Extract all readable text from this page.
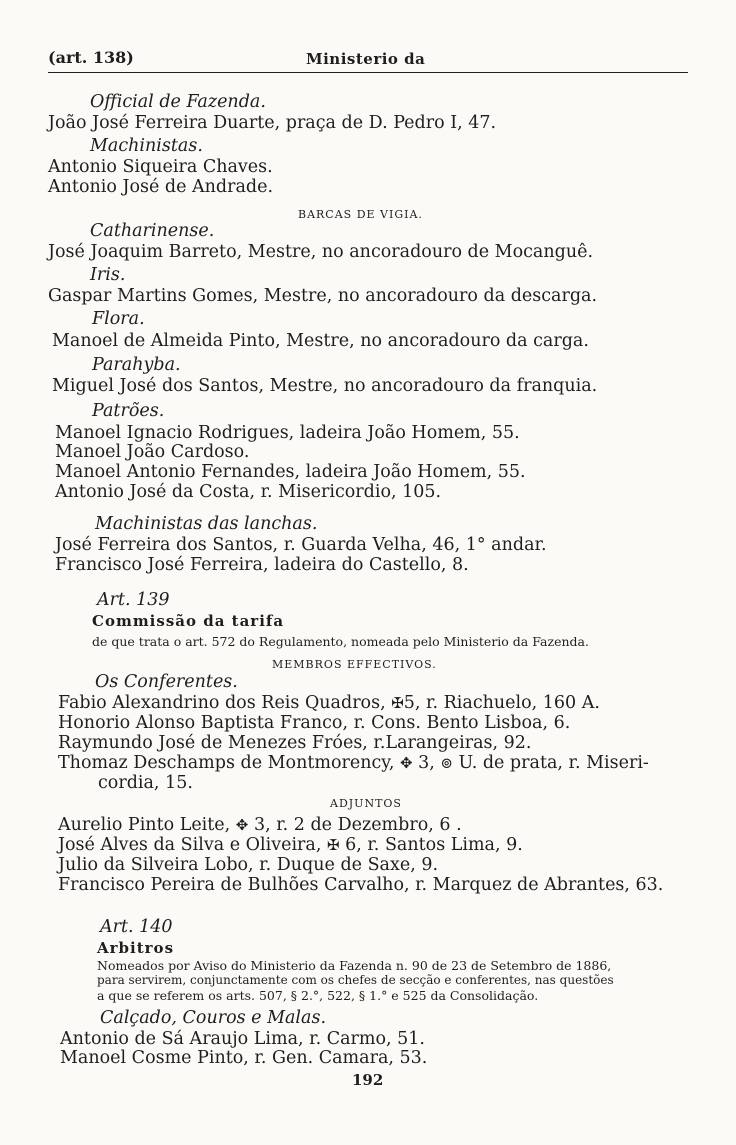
(art. 138)	Ministerio da
Official de Fazenda.
João José Ferreira Duarte, praça de D. Pedro I, 47.
Machinistas.
Antonio Siqueira Chaves.
Antonio José de Andrade.
BARCAS DE VIGIA.
Catharinense.
José Joaquim Barreto, Mestre, no ancoradouro de Mocanguê.
Iris.
Gaspar Martins Gomes, Mestre, no ancoradouro da descarga.
Flora.
Manoel de Almeida Pinto, Mestre, no ancoradouro da carga.
Parahyba.
Miguel José dos Santos, Mestre, no ancoradouro da franquia.
Patrões.
Manoel Ignacio Rodrigues, ladeira João Homem, 55.
Manoel João Cardoso.
Manoel Antonio Fernandes, ladeira João Homem, 55.
Antonio José da Costa, r. Misericordio, 105.
Machinistas das lanchas.
José Ferreira dos Santos, r. Guarda Velha, 46, 1° andar.
Francisco José Ferreira, ladeira do Castello, 8.
Art. 139
Commissão da tarifa
de que trata o art. 572 do Regulamento, nomeada pelo Ministerio da Fazenda.
MEMBROS EFFECTIVOS.
Os Conferentes.
Fabio Alexandrino dos Reis Quadros, ✠5, r. Riachuelo, 160 A.
Honorio Alonso Baptista Franco, r. Cons. Bento Lisboa, 6.
Raymundo José de Menezes Fróes, r.Larangeiras, 92.
Thomaz Deschamps de Montmorency, ✥ 3, ⊚ U. de prata, r. Miseri-
cordia, 15.
ADJUNTOS
Aurelio Pinto Leite, ✥ 3, r. 2 de Dezembro, 6 .
José Alves da Silva e Oliveira, ✠ 6, r. Santos Lima, 9.
Julio da Silveira Lobo, r. Duque de Saxe, 9.
Francisco Pereira de Bulhões Carvalho, r. Marquez de Abrantes, 63.
Art. 140
Arbitros
Nomeados por Aviso do Ministerio da Fazenda n. 90 de 23 de Setembro de 1886,
para servirem, conjunctamente com os chefes de secção e conferentes, nas questões
a que se referem os arts. 507, § 2.°, 522, § 1.° e 525 da Consolidação.
Calçado, Couros e Malas.
Antonio de Sá Araujo Lima, r. Carmo, 51.
Manoel Cosme Pinto, r. Gen. Camara, 53.
192
